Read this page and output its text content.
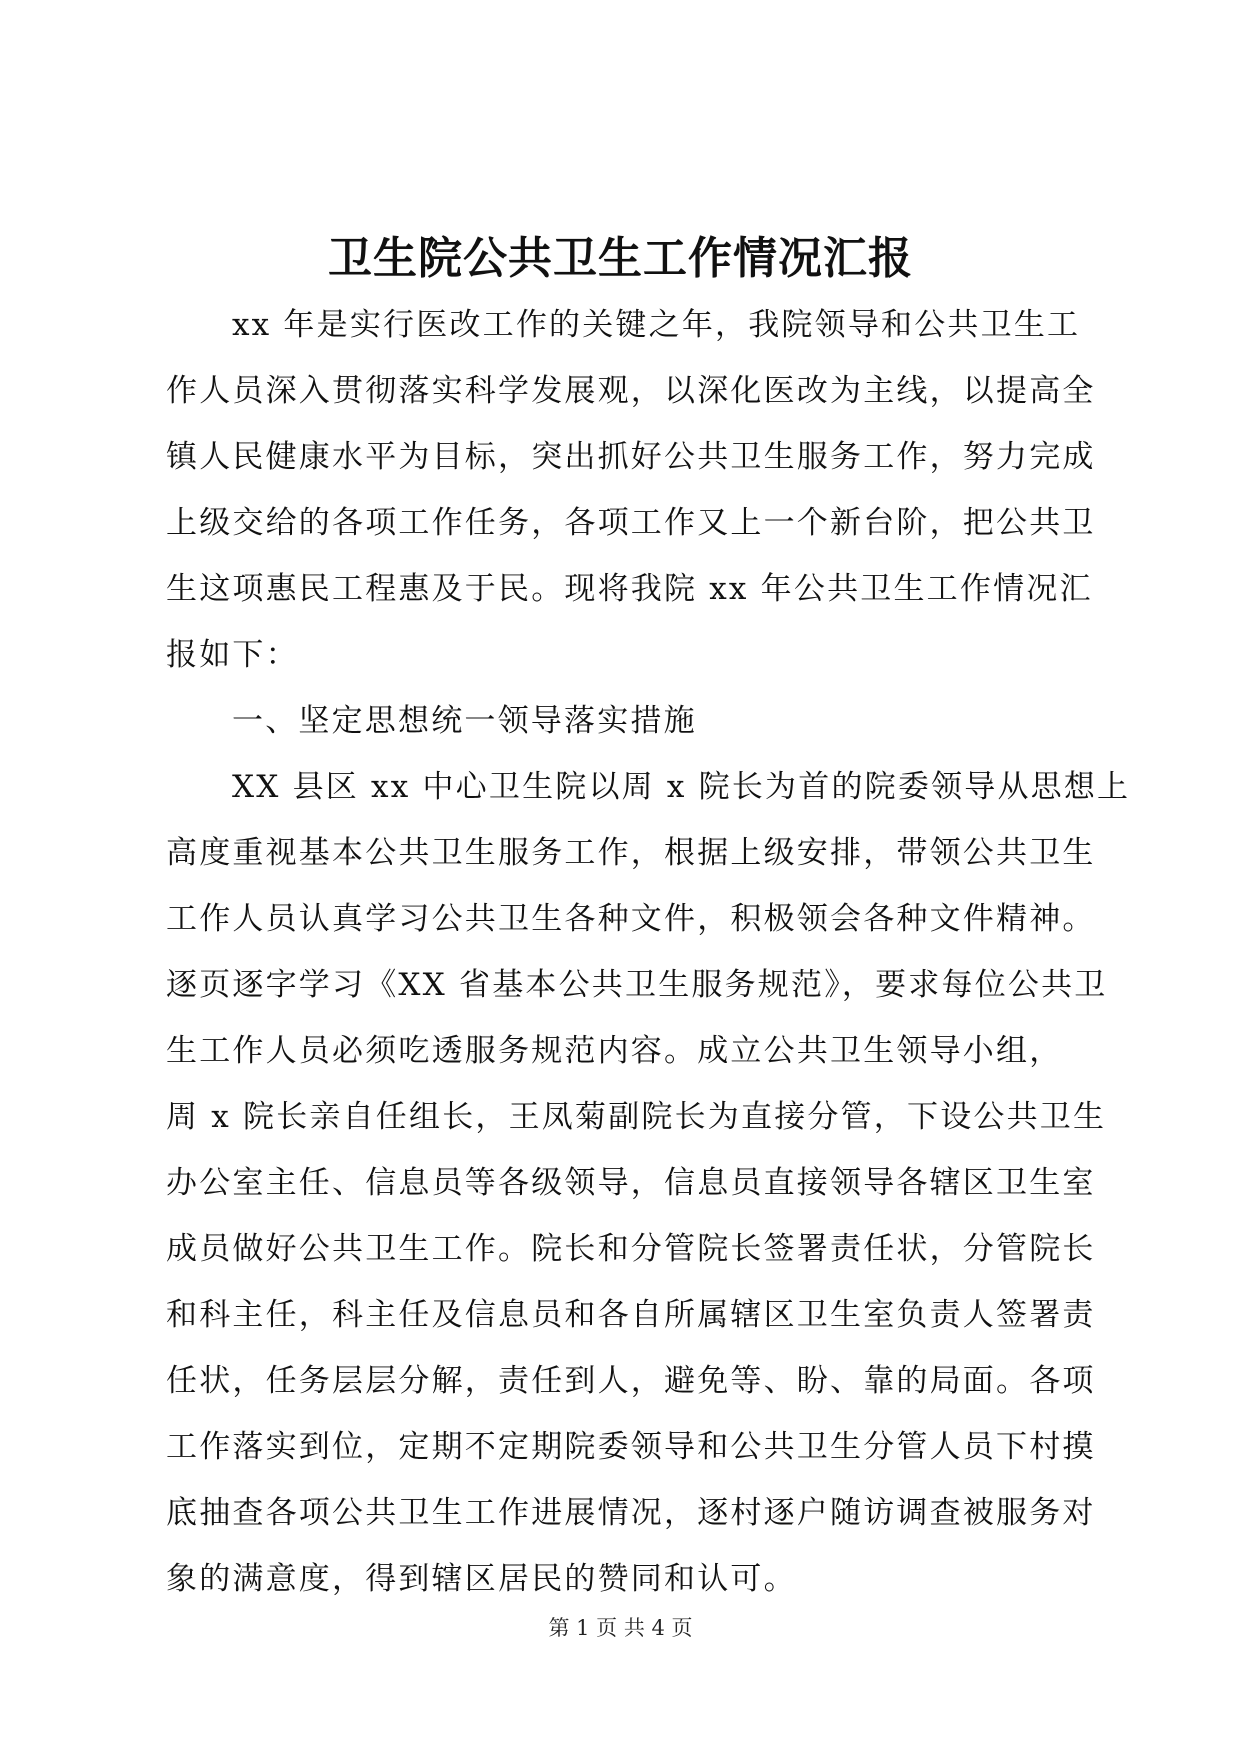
卫生院公共卫生工作情况汇报

xx 年是实行医改工作的关键之年，我院领导和公共卫生工

作人员深入贯彻落实科学发展观，以深化医改为主线，以提高全

镇人民健康水平为目标，突出抓好公共卫生服务工作，努力完成

上级交给的各项工作任务，各项工作又上一个新台阶，把公共卫

生这项惠民工程惠及于民。现将我院 xx 年公共卫生工作情况汇

报如下：

一、坚定思想统一领导落实措施

XX 县区 xx 中心卫生院以周 x 院长为首的院委领导从思想上

高度重视基本公共卫生服务工作，根据上级安排，带领公共卫生

工作人员认真学习公共卫生各种文件，积极领会各种文件精神。

逐页逐字学习《XX 省基本公共卫生服务规范》，要求每位公共卫

生工作人员必须吃透服务规范内容。成立公共卫生领导小组，

周 x 院长亲自任组长，王凤菊副院长为直接分管，下设公共卫生

办公室主任、信息员等各级领导，信息员直接领导各辖区卫生室

成员做好公共卫生工作。院长和分管院长签署责任状，分管院长

和科主任，科主任及信息员和各自所属辖区卫生室负责人签署责

任状，任务层层分解，责任到人，避免等、盼、靠的局面。各项

工作落实到位，定期不定期院委领导和公共卫生分管人员下村摸

底抽查各项公共卫生工作进展情况，逐村逐户随访调查被服务对

象的满意度，得到辖区居民的赞同和认可。

第 1 页 共 4 页
